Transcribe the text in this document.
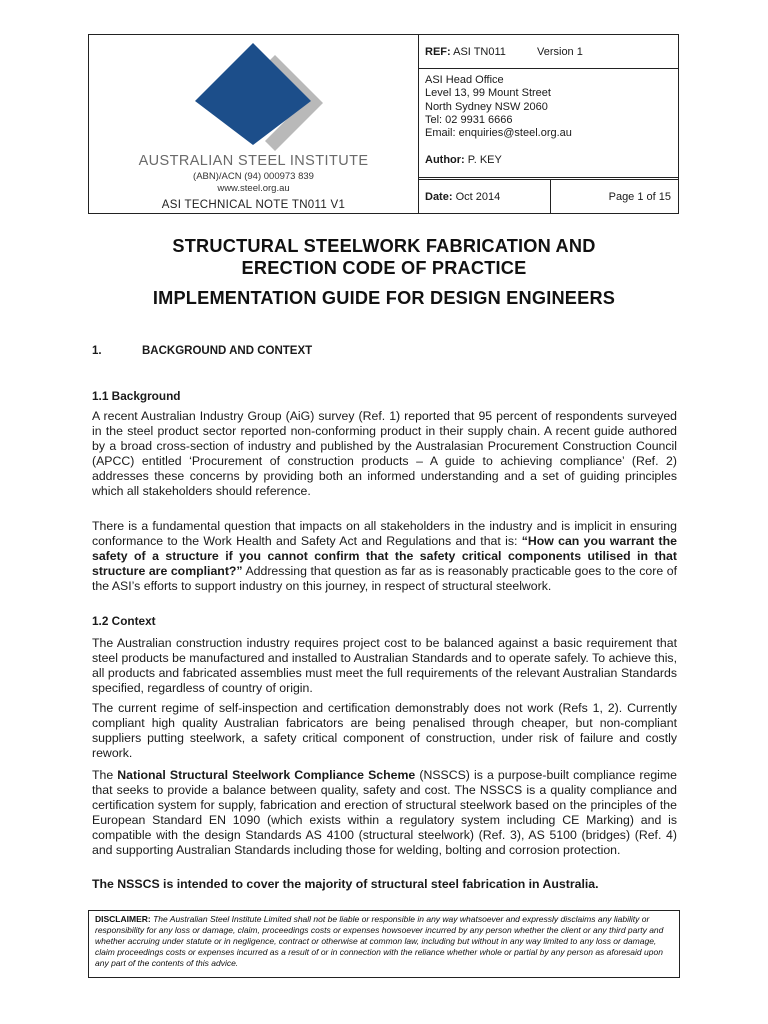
AUSTRALIAN STEEL INSTITUTE
(ABN)/ACN (94) 000973 839
www.steel.org.au
ASI TECHNICAL NOTE TN011 V1
REF: ASI TN011	Version 1
ASI Head Office
Level 13, 99 Mount Street
North Sydney NSW 2060
Tel: 02 9931 6666
Email: enquiries@steel.org.au
Author: P. KEY
Date: Oct 2014	Page 1 of 15
STRUCTURAL STEELWORK FABRICATION AND
ERECTION CODE OF PRACTICE
IMPLEMENTATION GUIDE FOR DESIGN ENGINEERS
1.	BACKGROUND AND CONTEXT
1.1 Background

A recent Australian Industry Group (AiG) survey (Ref. 1) reported that 95 percent of respondents surveyed in the steel product sector reported non-conforming product in their supply chain. A recent guide authored by a broad cross-section of industry and published by the Australasian Procurement Construction Council (APCC) entitled ‘Procurement of construction products – A guide to achieving compliance’ (Ref. 2) addresses these concerns by providing both an informed understanding and a set of guiding principles which all stakeholders should reference.

There is a fundamental question that impacts on all stakeholders in the industry and is implicit in ensuring conformance to the Work Health and Safety Act and Regulations and that is: “How can you warrant the safety of a structure if you cannot confirm that the safety critical components utilised in that structure are compliant?” Addressing that question as far as is reasonably practicable goes to the core of the ASI’s efforts to support industry on this journey, in respect of structural steelwork.

1.2 Context

The Australian construction industry requires project cost to be balanced against a basic requirement that steel products be manufactured and installed to Australian Standards and to operate safely. To achieve this, all products and fabricated assemblies must meet the full requirements of the relevant Australian Standards specified, regardless of country of origin.

The current regime of self-inspection and certification demonstrably does not work (Refs 1, 2). Currently compliant high quality Australian fabricators are being penalised through cheaper, but non-compliant suppliers putting steelwork, a safety critical component of construction, under risk of failure and costly rework.

The National Structural Steelwork Compliance Scheme (NSSCS) is a purpose-built compliance regime that seeks to provide a balance between quality, safety and cost. The NSSCS is a quality compliance and certification system for supply, fabrication and erection of structural steelwork based on the principles of the European Standard EN 1090 (which exists within a regulatory system including CE Marking) and is compatible with the design Standards AS 4100 (structural steelwork) (Ref. 3), AS 5100 (bridges) (Ref. 4) and supporting Australian Standards including those for welding, bolting and corrosion protection.

The NSSCS is intended to cover the majority of structural steel fabrication in Australia.

DISCLAIMER: The Australian Steel Institute Limited shall not be liable or responsible in any way whatsoever and expressly disclaims any liability or responsibility for any loss or damage, claim, proceedings costs or expenses howsoever incurred by any person whether the client or any third party and whether accruing under statute or in negligence, contract or otherwise at common law, including but without in any way limited to any loss or damage, claim proceedings costs or expenses incurred as a result of or in connection with the reliance whether whole or partial by any person as aforesaid upon any part of the contents of this advice.
